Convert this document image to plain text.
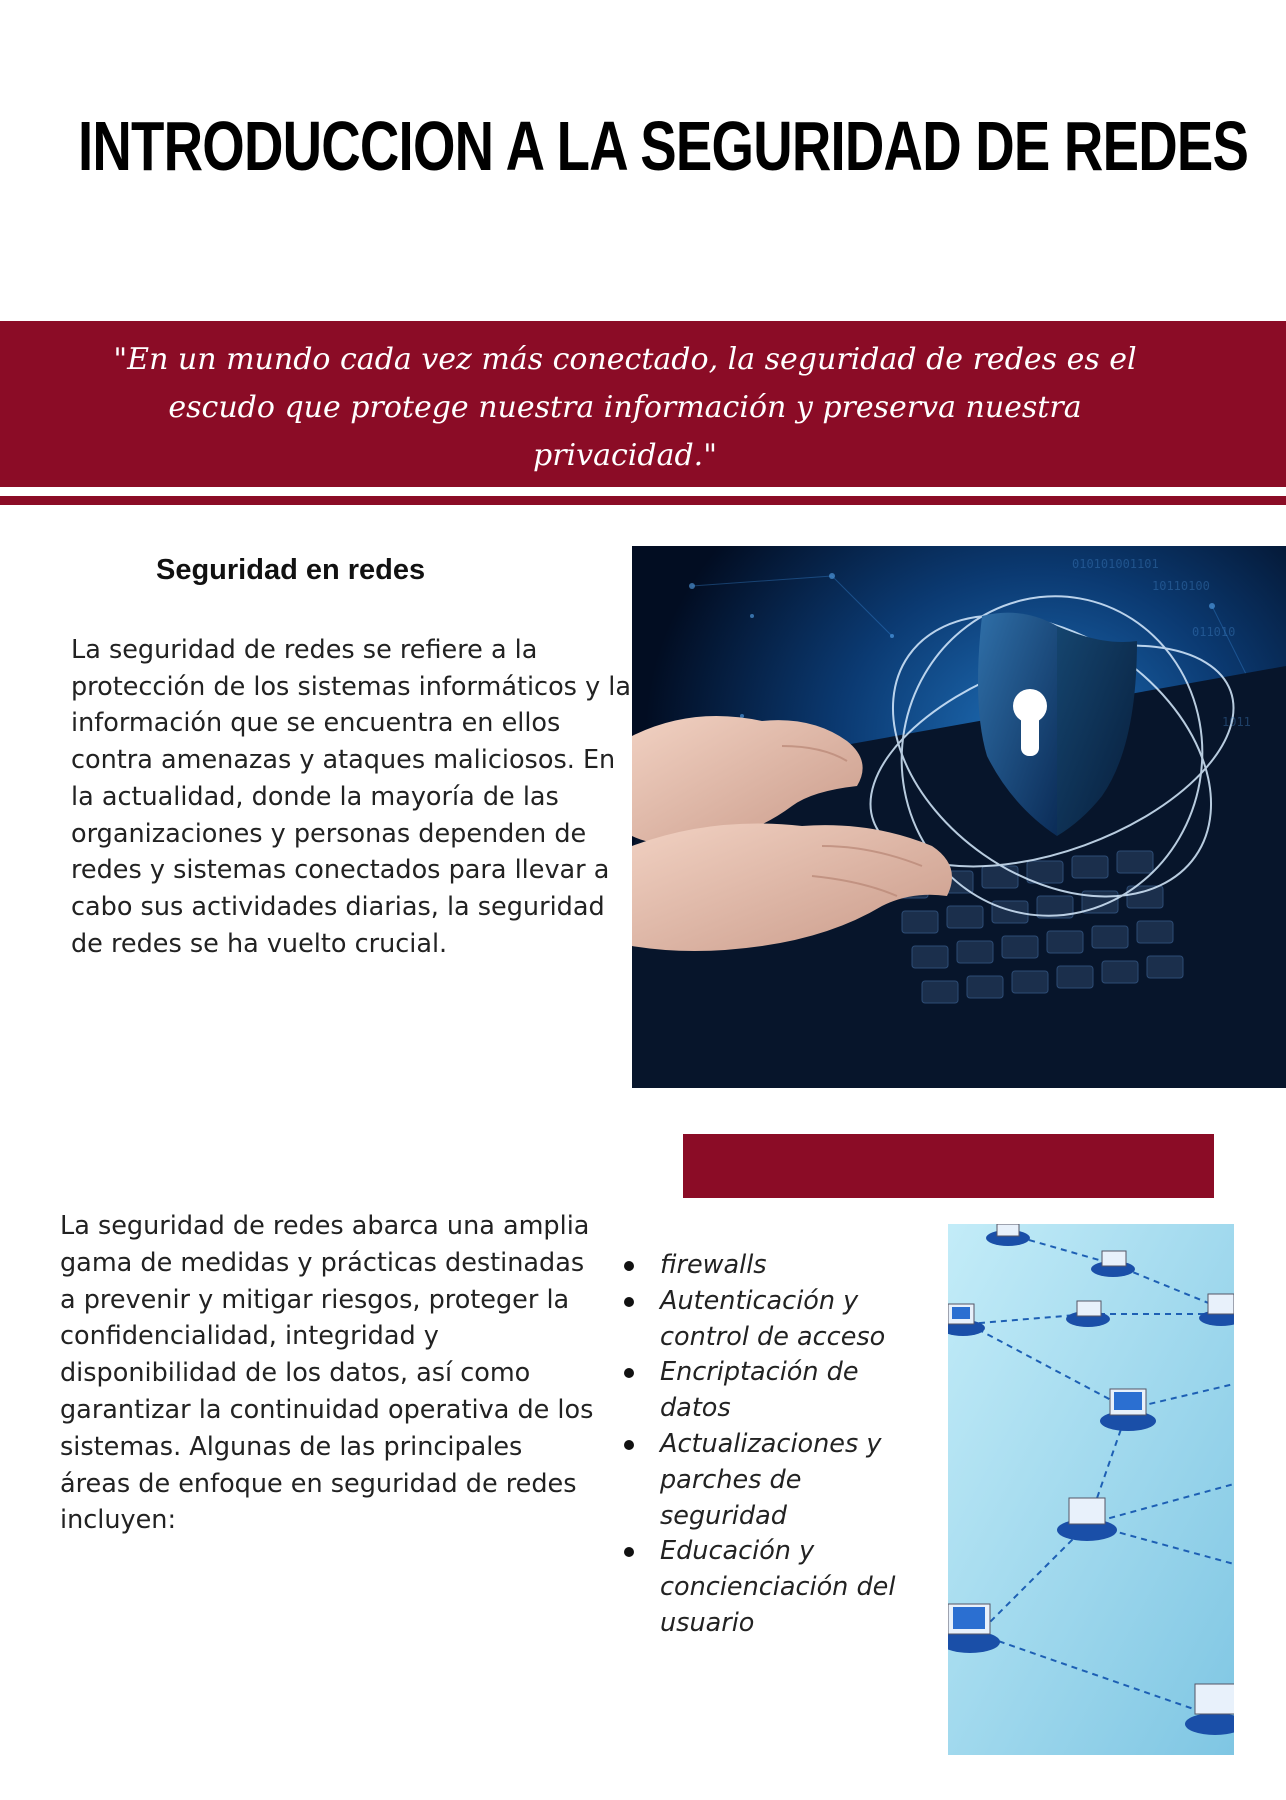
INTRODUCCION A LA SEGURIDAD DE REDES
"En un mundo cada vez más conectado, la seguridad de redes es el escudo que protege nuestra información y preserva nuestra privacidad."
Seguridad en redes
La seguridad de redes se refiere a la protección de los sistemas informáticos y la información que se encuentra en ellos contra amenazas y ataques maliciosos. En la actualidad, donde la mayoría de las organizaciones y personas dependen de redes y sistemas conectados para llevar a cabo sus actividades diarias, la seguridad de redes se ha vuelto crucial.
010101001101
10110100
011010
1011
La seguridad de redes abarca una amplia gama de medidas y prácticas destinadas a prevenir y mitigar riesgos, proteger la confidencialidad, integridad y disponibilidad de los datos, así como garantizar la continuidad operativa de los sistemas. Algunas de las principales áreas de enfoque en seguridad de redes incluyen:
firewalls
Autenticación y control de acceso
Encriptación de datos
Actualizaciones y parches de seguridad
Educación y concienciación del usuario
